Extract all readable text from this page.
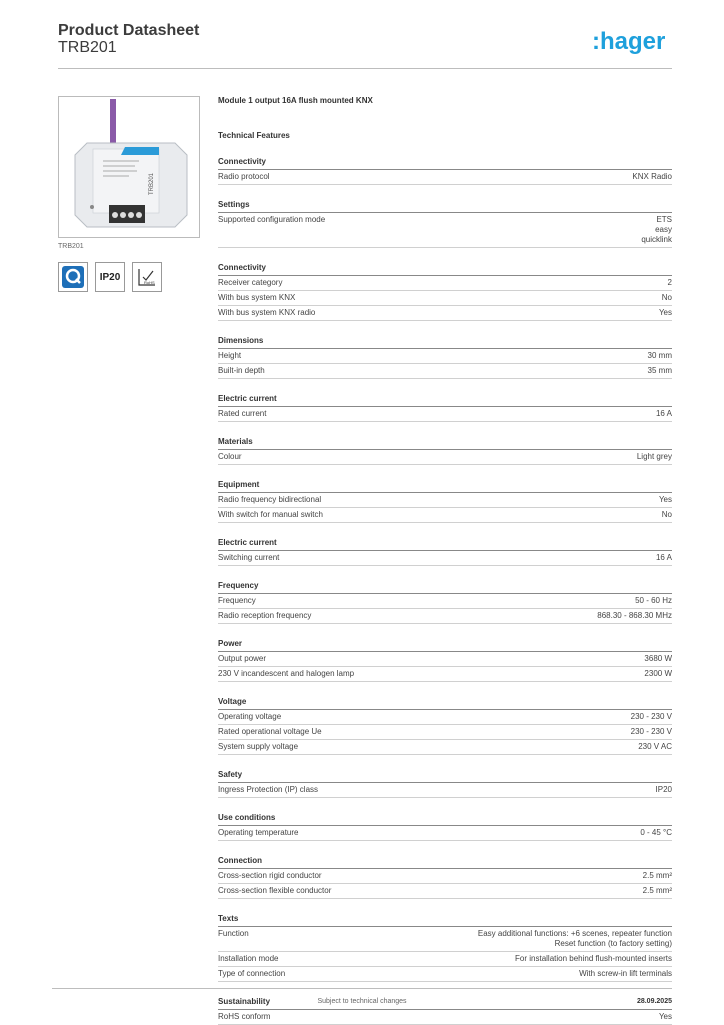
Product Datasheet
TRB201	:hager
TRB201
TRB201
IP20	RoHS
Module 1 output 16A flush mounted KNX
Technical Features
Connectivity
Radio protocol	KNX Radio
Settings
Supported configuration mode	ETS
easy
quicklink
Connectivity
Receiver category	2
With bus system KNX	No
With bus system KNX radio	Yes
Dimensions
Height	30 mm
Built-in depth	35 mm
Electric current
Rated current	16 A
Materials
Colour	Light grey
Equipment
Radio frequency bidirectional	Yes
With switch for manual switch	No
Electric current
Switching current	16 A
Frequency
Frequency	50 - 60 Hz
Radio reception frequency	868.30 - 868.30 MHz
Power
Output power	3680 W
230 V incandescent and halogen lamp	2300 W
Voltage
Operating voltage	230 - 230 V
Rated operational voltage Ue	230 - 230 V
System supply voltage	230 V AC
Safety
Ingress Protection (IP) class	IP20
Use conditions
Operating temperature	0 - 45 °C
Connection
Cross-section rigid conductor	2.5 mm²
Cross-section flexible conductor	2.5 mm²
Texts
Function	Easy additional functions: +6 scenes, repeater function
Reset function (to factory setting)
Installation mode	For installation behind flush-mounted inserts
Type of connection	With screw-in lift terminals
Sustainability
RoHS conform	Yes
Subject to technical changes	28.09.2025
